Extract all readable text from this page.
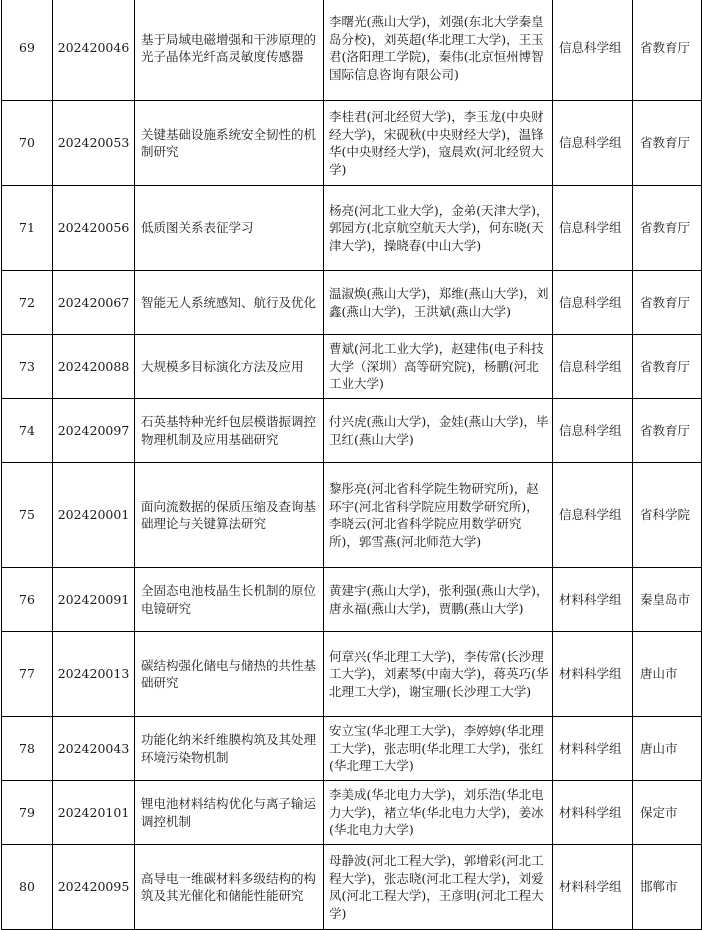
69	202420046	基于局域电磁增强和干涉原理的光子晶体光纤高灵敏度传感器	李曙光(燕山大学)，刘强(东北大学秦皇岛分校)，刘英超(华北理工大学)，王玉君(洛阳理工学院)，秦伟(北京恒州博智国际信息咨询有限公司)	信息科学组	省教育厅
70	202420053	关键基础设施系统安全韧性的机制研究	李桂君(河北经贸大学)，李玉龙(中央财经大学)，宋砚秋(中央财经大学)，温锋华(中央财经大学)，寇晨欢(河北经贸大学)	信息科学组	省教育厅
71	202420056	低质图关系表征学习	杨亮(河北工业大学)，金弟(天津大学)，郭园方(北京航空航天大学)，何东晓(天津大学)，操晓春(中山大学)	信息科学组	省教育厅
72	202420067	智能无人系统感知、航行及优化	温淑焕(燕山大学)，郑维(燕山大学)，刘鑫(燕山大学)，王洪斌(燕山大学)	信息科学组	省教育厅
73	202420088	大规模多目标演化方法及应用	曹斌(河北工业大学)，赵建伟(电子科技大学（深圳）高等研究院)，杨鹏(河北工业大学)	信息科学组	省教育厅
74	202420097	石英基特种光纤包层模谐振调控物理机制及应用基础研究	付兴虎(燕山大学)，金娃(燕山大学)，毕卫红(燕山大学)	信息科学组	省教育厅
75	202420001	面向流数据的保质压缩及查询基础理论与关键算法研究	黎彤亮(河北省科学院生物研究所)，赵环宇(河北省科学院应用数学研究所)，李晓云(河北省科学院应用数学研究所)，郭雪燕(河北师范大学)	信息科学组	省科学院
76	202420091	全固态电池枝晶生长机制的原位电镜研究	黄建宇(燕山大学)，张利强(燕山大学)，唐永福(燕山大学)，贾鹏(燕山大学)	材料科学组	秦皇岛市
77	202420013	碳结构强化储电与储热的共性基础研究	何章兴(华北理工大学)，李传常(长沙理工大学)，刘素琴(中南大学)，蒋英巧(华北理工大学)，谢宝珊(长沙理工大学)	材料科学组	唐山市
78	202420043	功能化纳米纤维膜构筑及其处理环境污染物机制	安立宝(华北理工大学)，李婷婷(华北理工大学)，张志明(华北理工大学)，张红(华北理工大学)	材料科学组	唐山市
79	202420101	锂电池材料结构优化与离子输运调控机制	李美成(华北电力大学)，刘乐浩(华北电力大学)，褚立华(华北电力大学)，姜冰(华北电力大学)	材料科学组	保定市
80	202420095	高导电一维碳材料多级结构的构筑及其光催化和储能性能研究	母静波(河北工程大学)，郭增彩(河北工程大学)，张志晓(河北工程大学)，刘爱凤(河北工程大学)，王彦明(河北工程大学)	材料科学组	邯郸市
